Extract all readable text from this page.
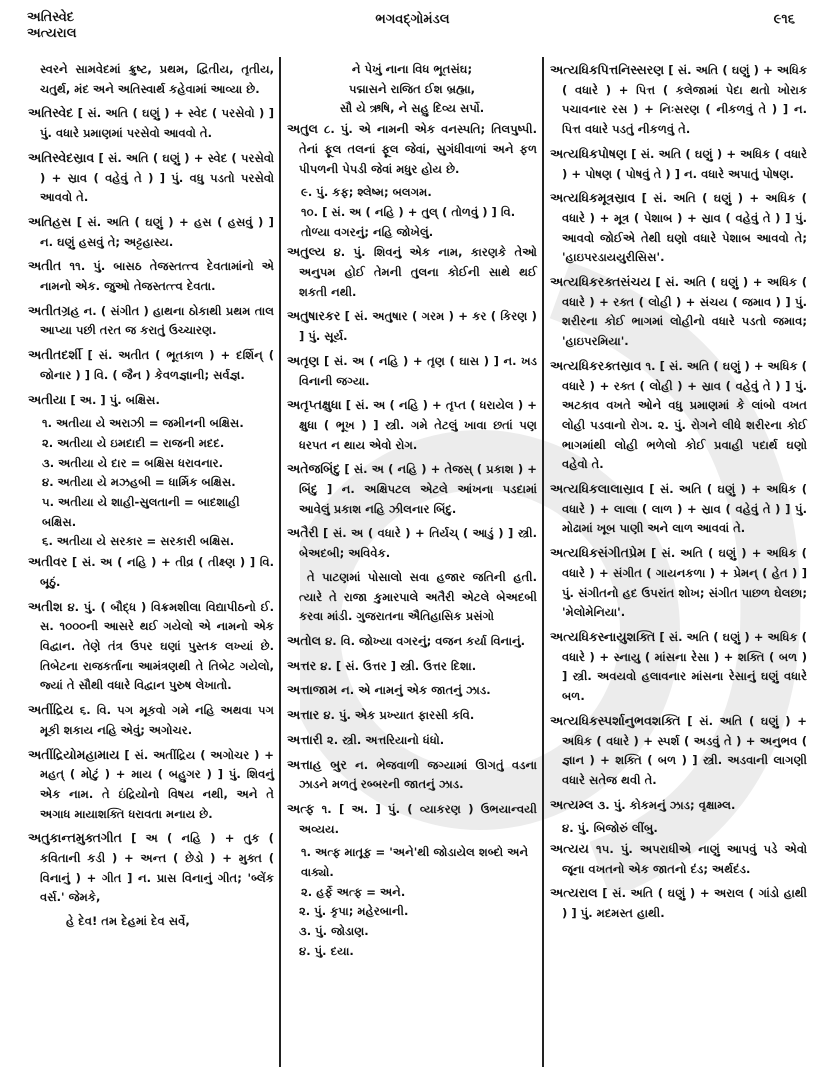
અતિસ્વેદ
અત્યરાલ
ભગવદ્ગોમંડલ	૯૧૬

સ્વરને સામવેદમાં ક્રુષ્ટ, પ્રથમ, દ્વિતીય, તૃતીય, ચતુર્થ, મંદ અને અતિસ્વાર્થ કહેવામાં આવ્યા છે.

અતિસ્વેદ [ સં. અતિ ( ઘણું ) + સ્વેદ ( પરસેવો ) ] પું. વધારે પ્રમાણમાં પરસેવો આવવો તે.

અતિસ્વેદસ્રાવ [ સં. અતિ ( ઘણું ) + સ્વેદ ( પરસેવો ) + સ્રાવ ( વહેવું તે ) ] પું. વધુ પડતો પરસેવો આવવો તે.

અતિહસ [ સં. અતિ ( ઘણું ) + હસ ( હસવું ) ] ન. ઘણું હસવું તે; અટ્ટહાસ્ય.

અતીત ૧૧. પું. બાસઠ તેજસ્તત્ત્વ દેવતામાંનો એ નામનો એક. જુઓ તેજસ્તત્ત્વ દેવતા.

અતીતગ્રહ ન. ( સંગીત ) હાથના ઠોકાથી પ્રથમ તાલ આપ્યા પછી તરત જ કરાતું ઉચ્ચારણ.

અતીતદર્શી [ સં. અતીત ( ભૂતકાળ ) + દર્શિન્ ( જોનાર ) ] વિ. ( જૈન ) કેવળજ્ઞાની; સર્વજ્ઞ.

અતીયા [ અ. ] પું. બક્ષિસ.

૧. અતીયા યે અરાઝી = જમીનની બક્ષિસ.

૨. અતીયા યે ઇમદાદી = રાજની મદદ.

૩. અતીયા યે દાર = બક્ષિસ ધરાવનાર.

૪. અતીયા યે મઝહબી = ધાર્મિક બક્ષિસ.

૫. અતીયા યે શાહી-સુલતાની = બાદશાહી બક્ષિસ.

૬. અતીયા યે સરકાર = સરકારી બક્ષિસ.

અતીવર [ સં. અ ( નહિ ) + તીવ્ર ( તીક્ષ્ણ ) ] વિ. બૂઠું.

અતીશ ૪. પું. ( બૌદ્ધ ) વિક્રમશીલા વિદ્યાપીઠનો ઈ. સ. ૧૦૦૦ની આસરે થઈ ગયેલો એ નામનો એક વિદ્વાન. તેણે તંત્ર ઉપર ઘણાં પુસ્તક લખ્યાં છે. તિબેટના રાજકર્તાના આમંત્રણથી તે તિબેટ ગયેલો, જ્યાં તે સૌથી વધારે વિદ્વાન પુરુષ લેખાતો.

અતીંદ્રિય ૬. વિ. પગ મૂકવો ગમે નહિ અથવા પગ મૂકી શકાય નહિ એવું; અગોચર.

અતીંદ્રિયોમહામાય [ સં. અતીંદ્રિય ( અગોચર ) + મહત્ ( મોટું ) + માય ( બહુગર ) ] પું. શિવનું એક નામ. તે ઇંદ્રિયોનો વિષય નથી, અને તે અગાધ માયાશક્તિ ધરાવતા મનાય છે.

અતુકાન્તમુક્તગીત [ અ ( નહિ ) + તુક ( કવિતાની કડી ) + અન્ત ( છેડો ) + મુક્ત ( વિનાનું ) + ગીત ] ન. પ્રાસ વિનાનું ગીત; 'બ્લેંક વર્સ.' જેમકે,

હે દેવ! તમ દેહમાં દેવ સર્વે,

ને પેખું નાના વિધ ભૂતસંઘ;

પદ્માસને રાજિત ઈશ બ્રહ્મા,

સૌ યે ઋષિ, ને સહુ દિવ્ય સર્પો.

અતુલ ૮. પું. એ નામની એક વનસ્પતિ; તિલપુષ્પી. તેનાં ફૂલ તલનાં ફૂલ જેવાં, સુગંધીવાળાં અને ફળ પીપળની પેપડી જેવાં મધુર હોય છે.

૯. પું. કફ; શ્લેષ્મ; બલગમ.

૧૦. [ સં. અ ( નહિ ) + તુલ્ ( તોળવું ) ] વિ. તોળ્યા વગરનું; નહિ જોખેલું.

અતુલ્ય ૪. પું. શિવનું એક નામ, કારણકે તેઓ અનુપમ હોઈ તેમની તુલના કોઈની સાથે થઈ શકતી નથી.

અતુષારકર [ સં. અતુષાર ( ગરમ ) + કર ( કિરણ ) ] પું. સૂર્ય.

અતૃણ [ સં. અ ( નહિ ) + તૃણ ( ઘાસ ) ] ન. ખડ વિનાની જગ્યા.

અતૃપ્તક્ષુધા [ સં. અ ( નહિ ) + તૃપ્ત ( ધરાયેલ ) + ક્ષુધા ( ભૂખ ) ] સ્ત્રી. ગમે તેટલું ખાવા છતાં પણ ધરપત ન થાય એવો રોગ.

અતેજબિંદુ [ સં. અ ( નહિ ) + તેજસ્ ( પ્રકાશ ) + બિંદુ ] ન. અક્ષિપટલ એટલે આંખના પડદામાં આવેલું પ્રકાશ નહિ ઝીલનાર બિંદુ.

અતૈરી [ સં. અ ( વધારે ) + તિર્યચ્ ( આડું ) ] સ્ત્રી. બેઅદબી; અવિવેક.

તે પાટણમાં પોસાલો સવા હજાર જતિની હતી. ત્યારે તે રાજા કુમારપાલે અતૈરી એટલે બેઅદબી કરવા માંડી. ગુજરાતના ઐતિહાસિક પ્રસંગો

અતોલ ૪. વિ. જોખ્યા વગરનું; વજન કર્યા વિનાનું.

અત્તર ૪. [ સં. ઉત્તર ] સ્ત્રી. ઉત્તર દિશા.

અત્તાજામ ન. એ નામનું એક જાતનું ઝાડ.

અત્તાર ૪. પું. એક પ્રખ્યાત ફારસી કવિ.

અત્તારી ૨. સ્ત્રી. અત્તરિયાનો ધંધો.

અત્તાહ બુર ન. ભેજવાળી જગ્યામાં ઊગતું વડના ઝાડને મળતું રબ્બરની જાતનું ઝાડ.

અત્ફ ૧. [ અ. ] પું. ( વ્યાકરણ ) ઉભયાન્વયી અવ્યય.

૧. અત્ફ માતૂફ = 'અને'થી જોડાયેલ શબ્દો અને વાક્યો.

૨. હર્ફે અત્ફ = અને.

૨. પું. કૃપા; મહેરબાની.

૩. પું. જોડાણ.

૪. પું. દયા.

અત્યધિકપિત્તનિસ્સરણ [ સં. અતિ ( ઘણું ) + અધિક ( વધારે ) + પિત્ત ( કલેજામાં પેદા થતો ખોરાક પચાવનાર રસ ) + નિઃસરણ ( નીકળવું તે ) ] ન. પિત્ત વધારે પડતું નીકળવું તે.

અત્યધિકપોષણ [ સં. અતિ ( ઘણું ) + અધિક ( વધારે ) + પોષણ ( પોષવું તે ) ] ન. વધારે અપાતું પોષણ.

અત્યધિકમૂત્રસ્રાવ [ સં. અતિ ( ઘણું ) + અધિક ( વધારે ) + મૂત્ર ( પેશાબ ) + સ્રાવ ( વહેવું તે ) ] પું. આવવો જોઈએ તેથી ઘણો વધારે પેશાબ આવવો તે; 'હાઇપરડાયયુરીસિસ'.

અત્યધિકરક્તસંચય [ સં. અતિ ( ઘણું ) + અધિક ( વધારે ) + રક્ત ( લોહી ) + સંચય ( જમાવ ) ] પું. શરીરના કોઈ ભાગમાં લોહીનો વધારે પડતો જમાવ; 'હાઇપરમિયા'.

અત્યધિકરક્તસ્રાવ ૧. [ સં. અતિ ( ઘણું ) + અધિક ( વધારે ) + રક્ત ( લોહી ) + સ્રાવ ( વહેવું તે ) ] પું. અટકાવ વખતે ઓને વધુ પ્રમાણમાં કે લાંબો વખત લોહી પડવાનો રોગ. ૨. પું. રોગને લીધે શરીરના કોઈ ભાગમાંથી લોહી ભળેલો કોઈ પ્રવાહી પદાર્થ ઘણો વહેવો તે.

અત્યધિકલાલાસ્રાવ [ સં. અતિ ( ઘણું ) + અધિક ( વધારે ) + લાલા ( લાળ ) + સ્રાવ ( વહેવું તે ) ] પું. મોઢામાં ખૂબ પાણી અને લાળ આવવાં તે.

અત્યધિકસંગીતપ્રેમ [ સં. અતિ ( ઘણું ) + અધિક ( વધારે ) + સંગીત ( ગાયનકળા ) + પ્રેમન્ ( હેત ) ] પું. સંગીતનો હદ ઉપરાંત શોખ; સંગીત પાછળ ઘેલછા; 'મેલોમેનિયા'.

અત્યધિકસ્નાયુશક્તિ [ સં. અતિ ( ઘણું ) + અધિક ( વધારે ) + સ્નાયુ ( માંસના રેસા ) + શક્તિ ( બળ ) ] સ્ત્રી. અવયવો હલાવનાર માંસના રેસાનું ઘણું વધારે બળ.

અત્યધિકસ્પર્શાનુભવશક્તિ [ સં. અતિ ( ઘણું ) + અધિક ( વધારે ) + સ્પર્શ ( અડવું તે ) + અનુભવ ( જ્ઞાન ) + શક્તિ ( બળ ) ] સ્ત્રી. અડવાની લાગણી વધારે સતેજ થવી તે.

અત્યમ્લ ૩. પું. કોકમનું ઝાડ; વૃક્ષામ્લ.

૪. પું. બિજોરું લીંબુ.

અત્યય ૧૫. પું. અપરાધીએ નાણું આપવું પડે એવો જૂના વખતનો એક જાતનો દંડ; અર્થદંડ.

અત્યરાલ [ સં. અતિ ( ઘણું ) + અરાલ ( ગાંડો હાથી ) ] પું. મદમસ્ત હાથી.
